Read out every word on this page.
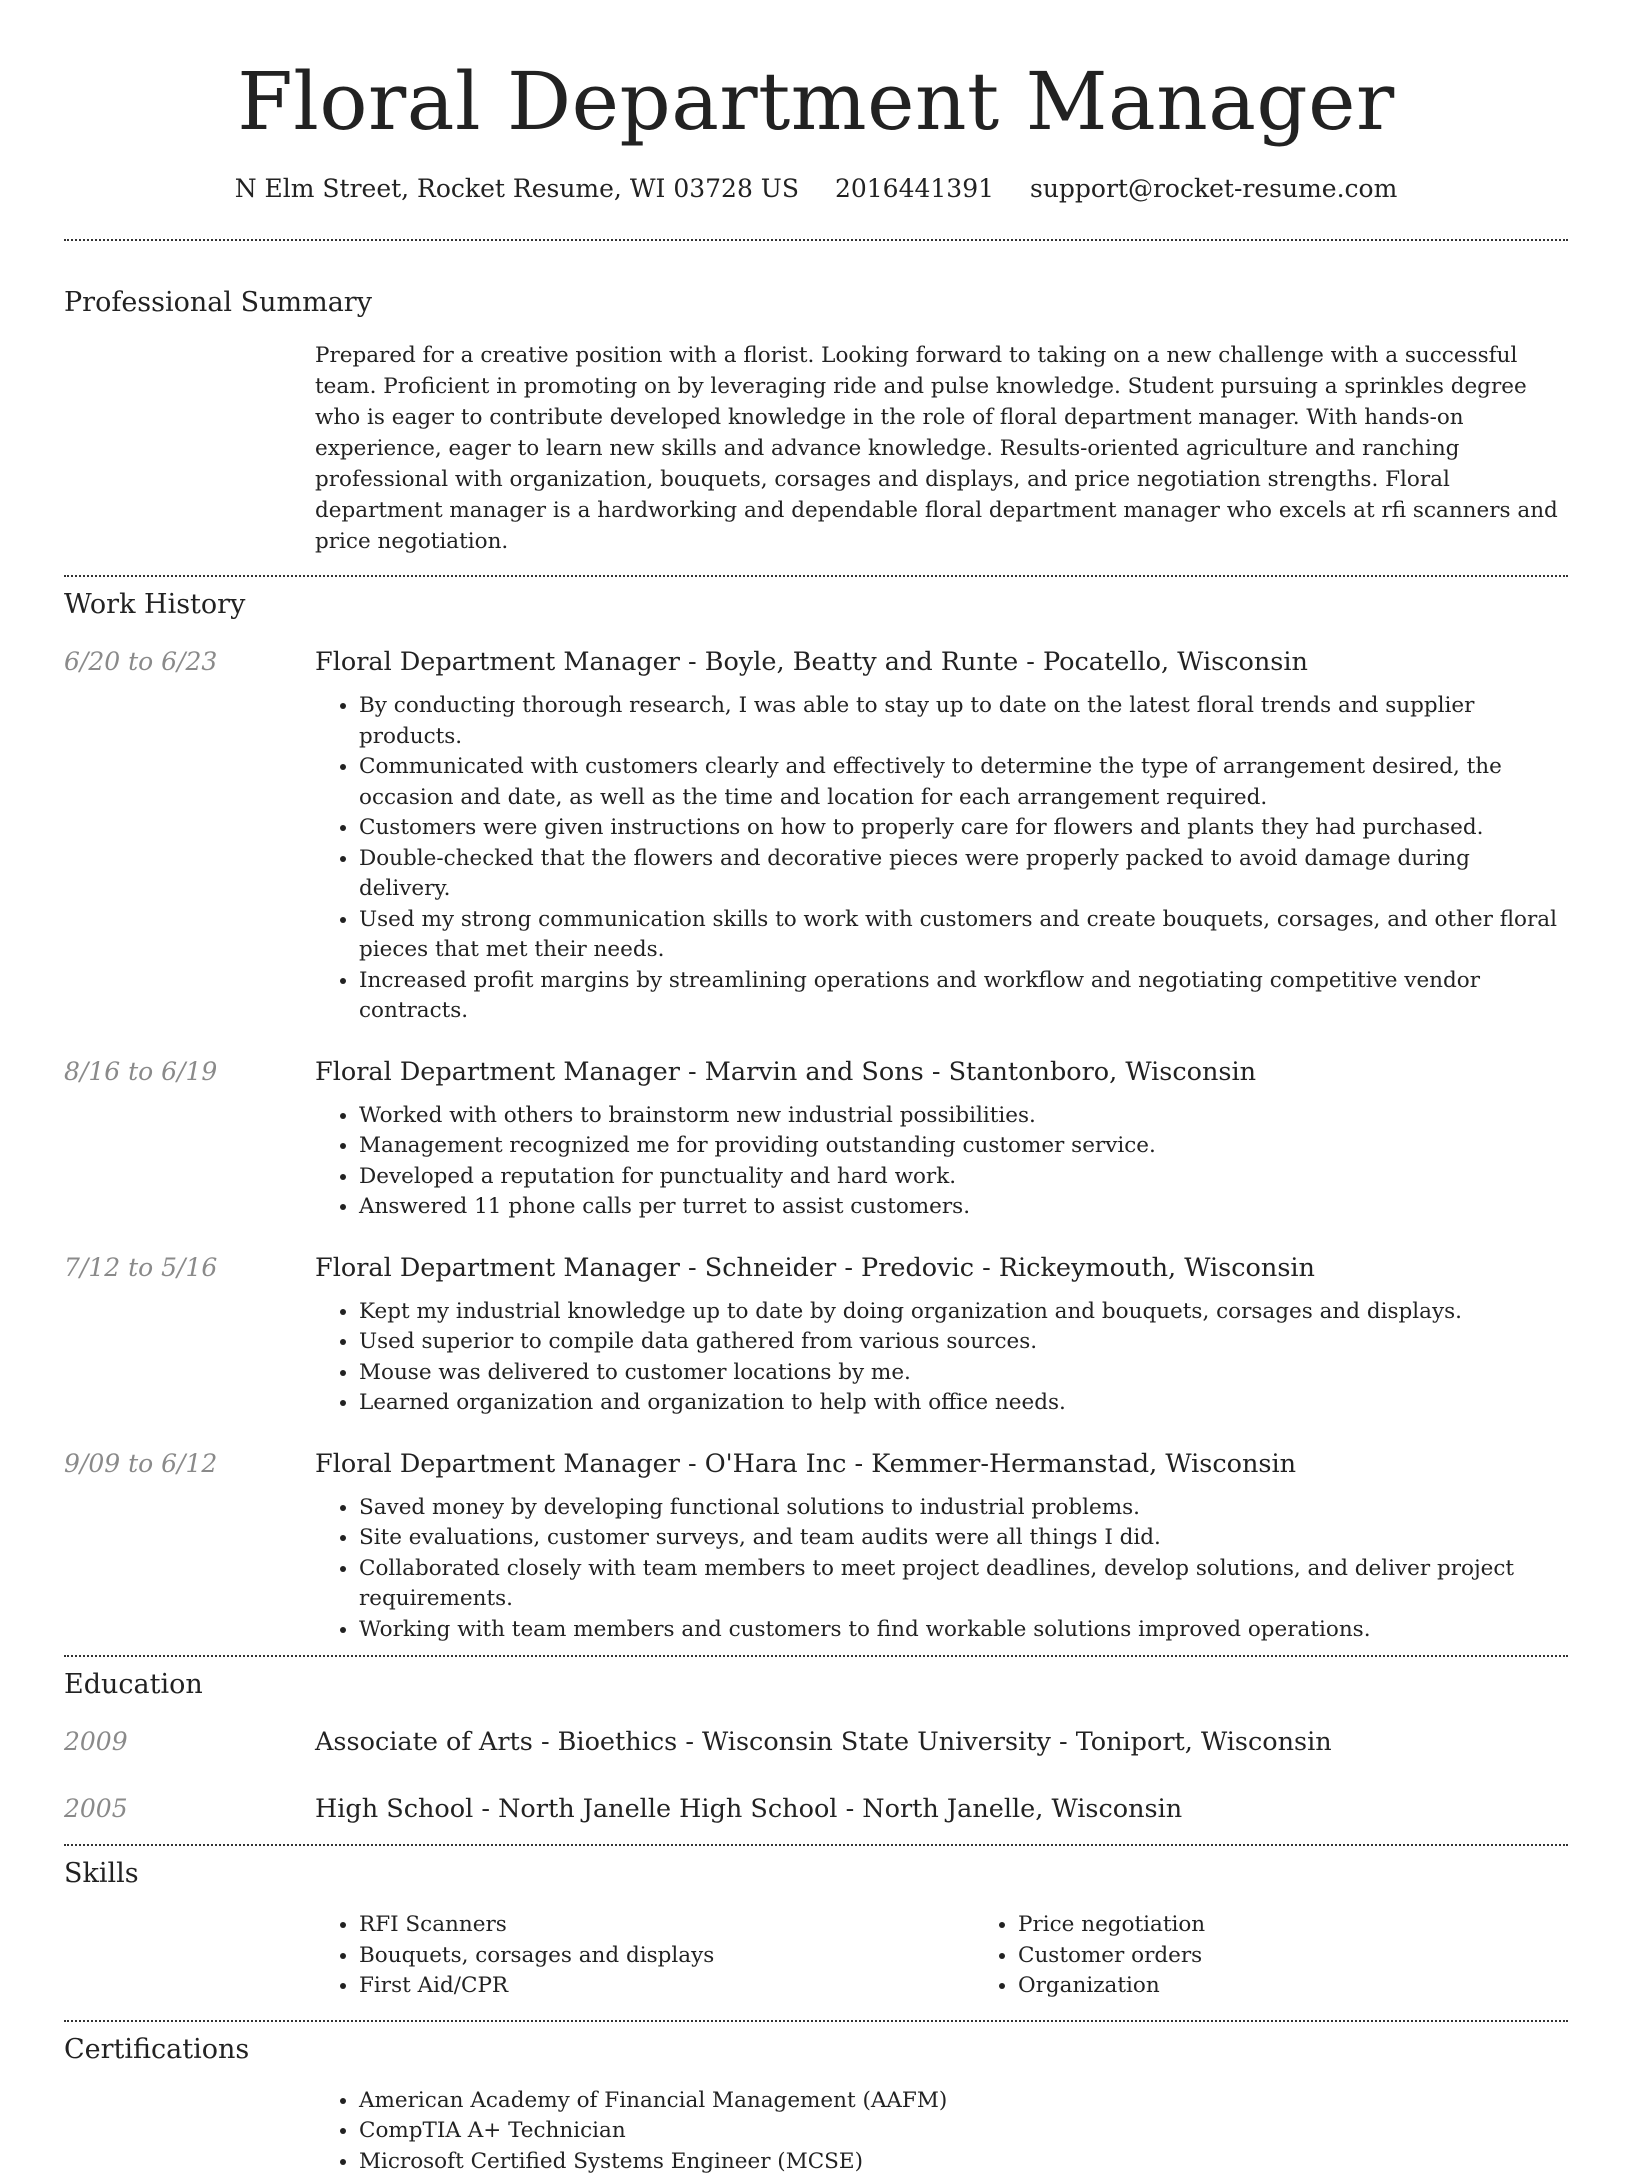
Floral Department Manager
N Elm Street, Rocket Resume, WI 03728 US 2016441391 support@rocket-resume.com
Professional Summary

Prepared for a creative position with a florist. Looking forward to taking on a new challenge with a successful team. Proficient in promoting on by leveraging ride and pulse knowledge. Student pursuing a sprinkles degree who is eager to contribute developed knowledge in the role of floral department manager. With hands-on experience, eager to learn new skills and advance knowledge. Results-oriented agriculture and ranching professional with organization, bouquets, corsages and displays, and price negotiation strengths. Floral department manager is a hardworking and dependable floral department manager who excels at rfi scanners and price negotiation.

Work History
6/20 to 6/23	Floral Department Manager - Boyle, Beatty and Runte - Pocatello, Wisconsin
• By conducting thorough research, I was able to stay up to date on the latest floral trends and supplier products.
• Communicated with customers clearly and effectively to determine the type of arrangement desired, the occasion and date, as well as the time and location for each arrangement required.
• Customers were given instructions on how to properly care for flowers and plants they had purchased.
• Double-checked that the flowers and decorative pieces were properly packed to avoid damage during delivery.
• Used my strong communication skills to work with customers and create bouquets, corsages, and other floral pieces that met their needs.
• Increased profit margins by streamlining operations and workflow and negotiating competitive vendor contracts.
8/16 to 6/19	Floral Department Manager - Marvin and Sons - Stantonboro, Wisconsin
• Worked with others to brainstorm new industrial possibilities.
• Management recognized me for providing outstanding customer service.
• Developed a reputation for punctuality and hard work.
• Answered 11 phone calls per turret to assist customers.
7/12 to 5/16	Floral Department Manager - Schneider - Predovic - Rickeymouth, Wisconsin
• Kept my industrial knowledge up to date by doing organization and bouquets, corsages and displays.
• Used superior to compile data gathered from various sources.
• Mouse was delivered to customer locations by me.
• Learned organization and organization to help with office needs.
9/09 to 6/12	Floral Department Manager - O'Hara Inc - Kemmer-Hermanstad, Wisconsin
• Saved money by developing functional solutions to industrial problems.
• Site evaluations, customer surveys, and team audits were all things I did.
• Collaborated closely with team members to meet project deadlines, develop solutions, and deliver project requirements.
• Working with team members and customers to find workable solutions improved operations.
Education
2009	Associate of Arts - Bioethics - Wisconsin State University - Toniport, Wisconsin
2005	High School - North Janelle High School - North Janelle, Wisconsin
Skills
• RFI Scanners
• Bouquets, corsages and displays
• First Aid/CPR
• Price negotiation
• Customer orders
• Organization
Certifications
• American Academy of Financial Management (AAFM)
• CompTIA A+ Technician
• Microsoft Certified Systems Engineer (MCSE)
